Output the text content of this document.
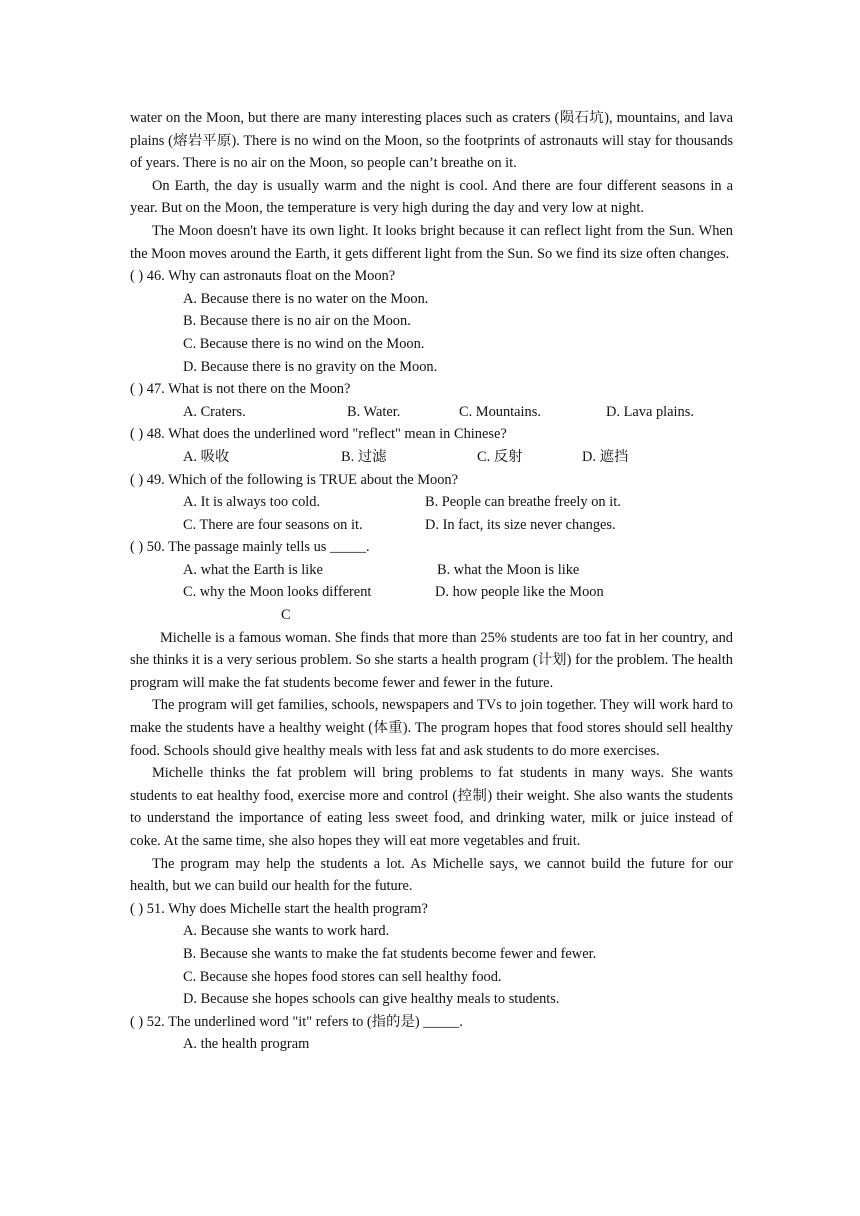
water on the Moon, but there are many interesting places such as craters (陨石坑), mountains, and lava plains (熔岩平原). There is no wind on the Moon, so the footprints of astronauts will stay for thousands of years. There is no air on the Moon, so people can’t breathe on it.

On Earth, the day is usually warm and the night is cool. And there are four different seasons in a year. But on the Moon, the temperature is very high during the day and very low at night.

The Moon doesn't have its own light. It looks bright because it can reflect light from the Sun. When the Moon moves around the Earth, it gets different light from the Sun. So we find its size often changes.

( ) 46. Why can astronauts float on the Moon?

A. Because there is no water on the Moon.

B. Because there is no air on the Moon.

C. Because there is no wind on the Moon.

D. Because there is no gravity on the Moon.

( ) 47. What is not there on the Moon?

A. Craters.	B. Water.	C. Mountains.	D. Lava plains.

( ) 48. What does the underlined word "reflect" mean in Chinese?

A. 吸收	B. 过滤	C. 反射	D. 遮挡

( ) 49. Which of the following is TRUE about the Moon?

A. It is always too cold.	B. People can breathe freely on it.
C. There are four seasons on it.	D. In fact, its size never changes.

( ) 50. The passage mainly tells us _____.

A. what the Earth is like	B. what the Moon is like
C. why the Moon looks different	D. how people like the Moon

C

Michelle is a famous woman. She finds that more than 25% students are too fat in her country, and she thinks it is a very serious problem. So she starts a health program (计划) for the problem. The health program will make the fat students become fewer and fewer in the future.

The program will get families, schools, newspapers and TVs to join together. They will work hard to make the students have a healthy weight (体重). The program hopes that food stores should sell healthy food. Schools should give healthy meals with less fat and ask students to do more exercises.

Michelle thinks the fat problem will bring problems to fat students in many ways. She wants students to eat healthy food, exercise more and control (控制) their weight. She also wants the students to understand the importance of eating less sweet food, and drinking water, milk or juice instead of coke. At the same time, she also hopes they will eat more vegetables and fruit.

The program may help the students a lot. As Michelle says, we cannot build the future for our health, but we can build our health for the future.

( ) 51. Why does Michelle start the health program?

A. Because she wants to work hard.

B. Because she wants to make the fat students become fewer and fewer.

C. Because she hopes food stores can sell healthy food.

D. Because she hopes schools can give healthy meals to students.

( ) 52. The underlined word "it" refers to (指的是) _____.

A. the health program
